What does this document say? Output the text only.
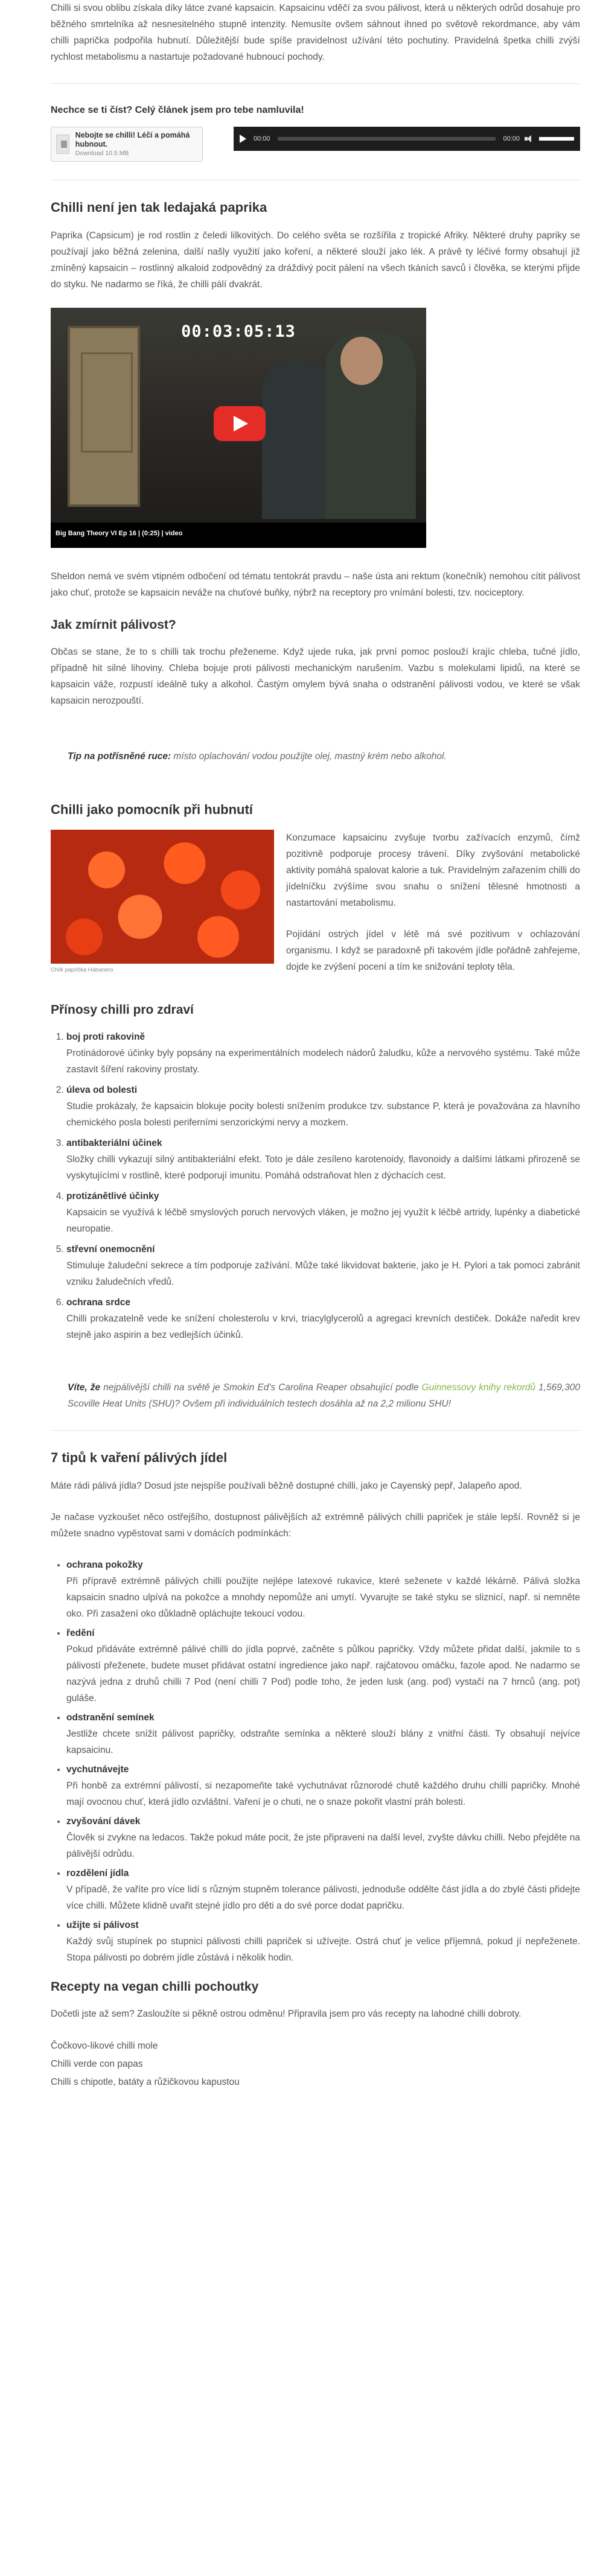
Chilli si svou oblibu získala díky látce zvané kapsaicin. Kapsaicinu vděčí za svou pálivost, která u některých odrůd dosahuje pro běžného smrtelníka až nesnesitelného stupně intenzity. Nemusíte ovšem sáhnout ihned po světově rekordmance, aby vám chilli paprička podpořila hubnutí. Důležitější bude spíše pravidelnost užívání této pochutiny. Pravidelná špetka chilli zvýší rychlost metabolismu a nastartuje požadované hubnoucí pochody.

Nechce se ti číst? Celý článek jsem pro tebe namluvila!
Nebojte se chilli! Léčí a pomáhá hubnout.
Download 10.5 MB
00:00	00:00
Chilli není jen tak ledajaká paprika

Paprika (Capsicum) je rod rostlin z čeledi lilkovitých. Do celého světa se rozšířila z tropické Afriky. Některé druhy papriky se používají jako běžná zelenina, další našly využití jako koření, a některé slouží jako lék. A právě ty léčivé formy obsahují již zmíněný kapsaicin – rostlinný alkaloid zodpovědný za dráždivý pocit pálení na všech tkáních savců i člověka, se kterými přijde do styku. Ne nadarmo se říká, že chilli pálí dvakrát.

00:03:05:13
Big Bang Theory VI Ep 16 | (0:25) | video

Sheldon nemá ve svém vtipném odbočení od tématu tentokrát pravdu – naše ústa ani rektum (konečník) nemohou cítit pálivost jako chuť, protože se kapsaicin neváže na chuťové buňky, nýbrž na receptory pro vnímání bolesti, tzv. nociceptory.

Jak zmírnit pálivost?

Občas se stane, že to s chilli tak trochu přeženeme. Když ujede ruka, jak první pomoc poslouží krajíc chleba, tučné jídlo, případně hit silné lihoviny. Chleba bojuje proti pálivosti mechanickým narušením. Vazbu s molekulami lipidů, na které se kapsaicin váže, rozpustí ideálně tuky a alkohol. Častým omylem bývá snaha o odstranění pálivosti vodou, ve které se však kapsaicin nerozpouští.

Tip na potřísněné ruce: místo oplachování vodou použijte olej, mastný krém nebo alkohol.

Chilli jako pomocník při hubnutí
Chilli paprička Habanero

Konzumace kapsaicinu zvyšuje tvorbu zažívacích enzymů, čímž pozitivně podporuje procesy trávení. Díky zvyšování metabolické aktivity pomáhá spalovat kalorie a tuk. Pravidelným zařazením chilli do jídelníčku zvýšíme svou snahu o snížení tělesné hmotnosti a nastartování metabolismu.

Pojídání ostrých jídel v létě má své pozitivum v ochlazování organismu. I když se paradoxně při takovém jídle pořádně zahřejeme, dojde ke zvýšení pocení a tím ke snižování teploty těla.

Přínosy chilli pro zdraví
1. boj proti rakovině
Protinádorové účinky byly popsány na experimentálních modelech nádorů žaludku, kůže a nervového systému. Také může zastavit šíření rakoviny prostaty.
2. úleva od bolesti
Studie prokázaly, že kapsaicin blokuje pocity bolesti snížením produkce tzv. substance P, která je považována za hlavního chemického posla bolesti periferními senzorickými nervy a mozkem.
3. antibakteriální účinek
Složky chilli vykazují silný antibakteriální efekt. Toto je dále zesíleno karotenoidy, flavonoidy a dalšími látkami přirozeně se vyskytujícími v rostlině, které podporují imunitu. Pomáhá odstraňovat hlen z dýchacích cest.
4. protizánětlivé účinky
Kapsaicin se využívá k léčbě smyslových poruch nervových vláken, je možno jej využít k léčbě artridy, lupénky a diabetické neuropatie.
5. střevní onemocnění
Stimuluje žaludeční sekrece a tím podporuje zažívání. Může také likvidovat bakterie, jako je H. Pylori a tak pomoci zabránit vzniku žaludečních vředů.
6. ochrana srdce
Chilli prokazatelně vede ke snížení cholesterolu v krvi, triacylglycerolů a agregaci krevních destiček. Dokáže naředit krev stejně jako aspirin a bez vedlejších účinků.

Víte, že nejpálivější chilli na světě je Smokin Ed's Carolina Reaper obsahující podle Guinnessovy knihy rekordů 1,569,300 Scoville Heat Units (SHU)? Ovšem při individuálních testech dosáhla až na 2,2 milionu SHU!

7 tipů k vaření pálivých jídel

Máte rádi pálivá jídla? Dosud jste nejspíše používali běžně dostupné chilli, jako je Cayenský pepř, Jalapeňo apod.

Je načase vyzkoušet něco ostřejšího, dostupnost pálivějších až extrémně pálivých chilli papriček je stále lepší. Rovněž si je můžete snadno vypěstovat sami v domácích podmínkách:

• ochrana pokožky
Při přípravě extrémně pálivých chilli použijte nejlépe latexové rukavice, které seženete v každé lékárně. Pálivá složka kapsaicin snadno ulpívá na pokožce a mnohdy nepomůže ani umytí. Vyvarujte se také styku se sliznicí, např. si nemněte oko. Při zasažení oko důkladně opláchujte tekoucí vodou.
• ředění
Pokud přidáváte extrémně pálivé chilli do jídla poprvé, začněte s půlkou papričky. Vždy můžete přidat další, jakmile to s pálivostí přeženete, budete muset přidávat ostatní ingredience jako např. rajčatovou omáčku, fazole apod. Ne nadarmo se nazývá jedna z druhů chilli 7 Pod (není chilli 7 Pod) podle toho, že jeden lusk (ang. pod) vystačí na 7 hrnců (ang. pot) guláše.
• odstranění semínek
Jestliže chcete snížit pálivost papričky, odstraňte semínka a některé slouží blány z vnitřní části. Ty obsahují nejvíce kapsaicinu.
• vychutnávejte
Při honbě za extrémní pálivostí, si nezapomeňte také vychutnávat různorodé chutě každého druhu chilli papričky. Mnohé mají ovocnou chuť, která jídlo ozvláštní. Vaření je o chuti, ne o snaze pokořit vlastní práh bolesti.
• zvyšování dávek
Člověk si zvykne na ledacos. Takže pokud máte pocit, že jste připraveni na další level, zvyšte dávku chilli. Nebo přejděte na pálivější odrůdu.
• rozdělení jídla
V případě, že vaříte pro více lidí s různým stupněm tolerance pálivosti, jednoduše oddělte část jídla a do zbylé části přidejte více chilli. Můžete klidně uvařit stejné jídlo pro děti a do své porce dodat papričku.
• užijte si pálivost
Každý svůj stupínek po stupnici pálivosti chilli papriček si užívejte. Ostrá chuť je velice příjemná, pokud jí nepřeženete. Stopa pálivosti po dobrém jídle zůstává i několik hodin.
Recepty na vegan chilli pochoutky

Dočetli jste až sem? Zasloužíte si pěkně ostrou odměnu! Připravila jsem pro vás recepty na lahodné chilli dobroty.

Čočkovo-likové chilli mole
Chilli verde con papas
Chilli s chipotle, batáty a růžičkovou kapustou
